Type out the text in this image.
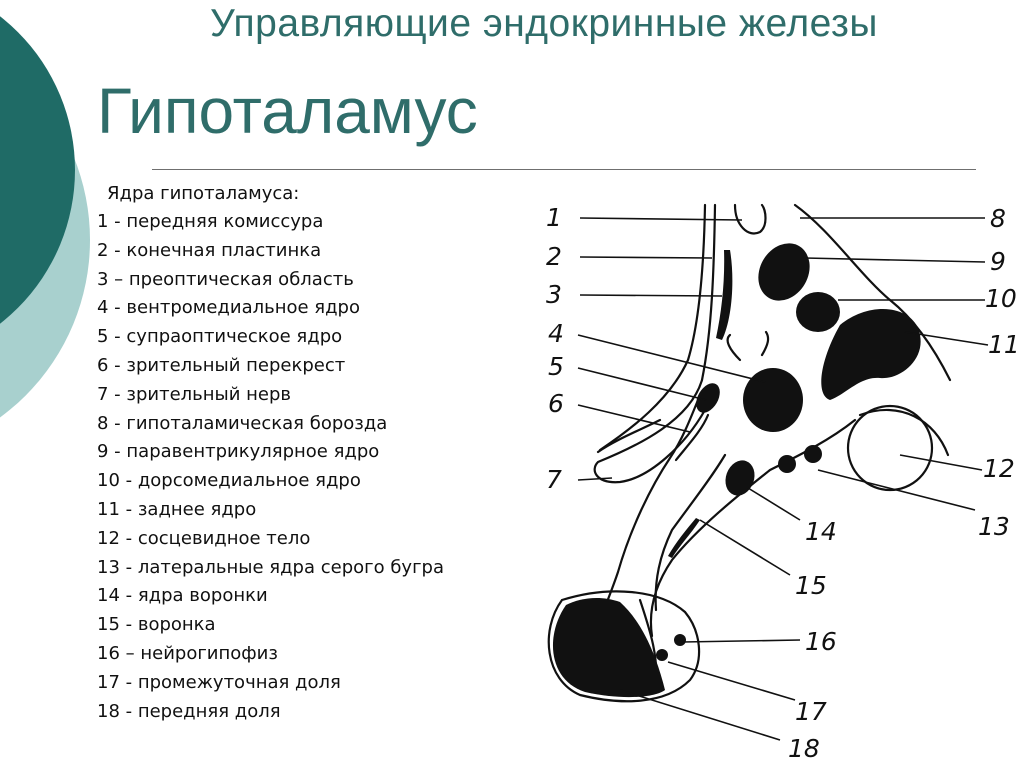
Управляющие эндокринные железы
Гипоталамус
Ядра гипоталамуса:
1 - передняя комиссура
2 - конечная пластинка
3 – преоптическая область
4 - вентромедиальное ядро
5 - супраоптическое ядро
6 - зрительный перекрест
7 - зрительный нерв
8 - гипоталамическая борозда
9 - паравентрикулярное ядро
10 - дорсомедиальное ядро
11 - заднее ядро
12 - сосцевидное тело
13 - латеральные ядра серого бугра
14 - ядра воронки
15 - воронка
16 – нейрогипофиз
17 - промежуточная доля
18 - передняя доля
1
2
3
4
5
6
7
8
9
10
11
12
13
14
15
16
17
18
